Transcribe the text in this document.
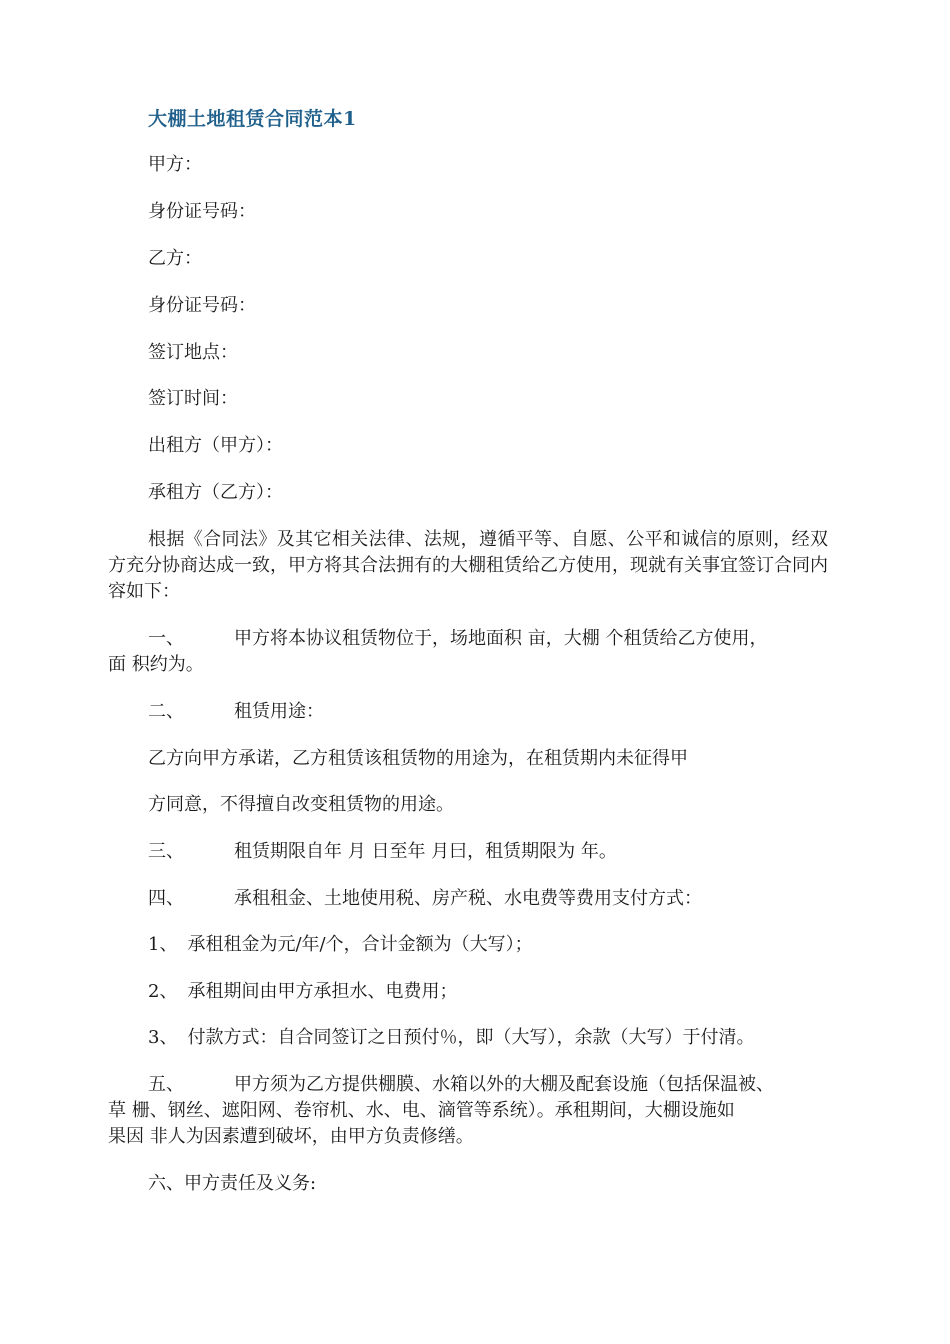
大棚土地租赁合同范本1
甲方：
身份证号码：
乙方：
身份证号码：
签订地点：
签订时间：
出租方（甲方）：
承租方（乙方）：
根据《合同法》及其它相关法律、法规，遵循平等、自愿、公平和诚信的原则，经双方充分协商达成一致，甲方将其合法拥有的大棚租赁给乙方使用，现就有关事宜签订合同内容如下：
一、	甲方将本协议租赁物位于，场地面积 亩，大棚 个租赁给乙方使用，
面 积约为。
二、	租赁用途：
乙方向甲方承诺，乙方租赁该租赁物的用途为，在租赁期内未征得甲
方同意，不得擅自改变租赁物的用途。
三、	租赁期限自年 月 日至年 月曰，租赁期限为 年。
四、	承租租金、土地使用税、房产税、水电费等费用支付方式：
1、 承租租金为元/年/个，合计金额为（大写）；
2、 承租期间由甲方承担水、电费用；
3、 付款方式：自合同签订之日预付％，即（大写），余款（大写）于付清。
五、	甲方须为乙方提供棚膜、水箱以外的大棚及配套设施（包括保温被、
草 栅、钢丝、遮阳网、卷帘机、水、电、滴管等系统）。承租期间，大棚设施如
果因 非人为因素遭到破坏，由甲方负责修缮。
六、甲方责任及义务:
